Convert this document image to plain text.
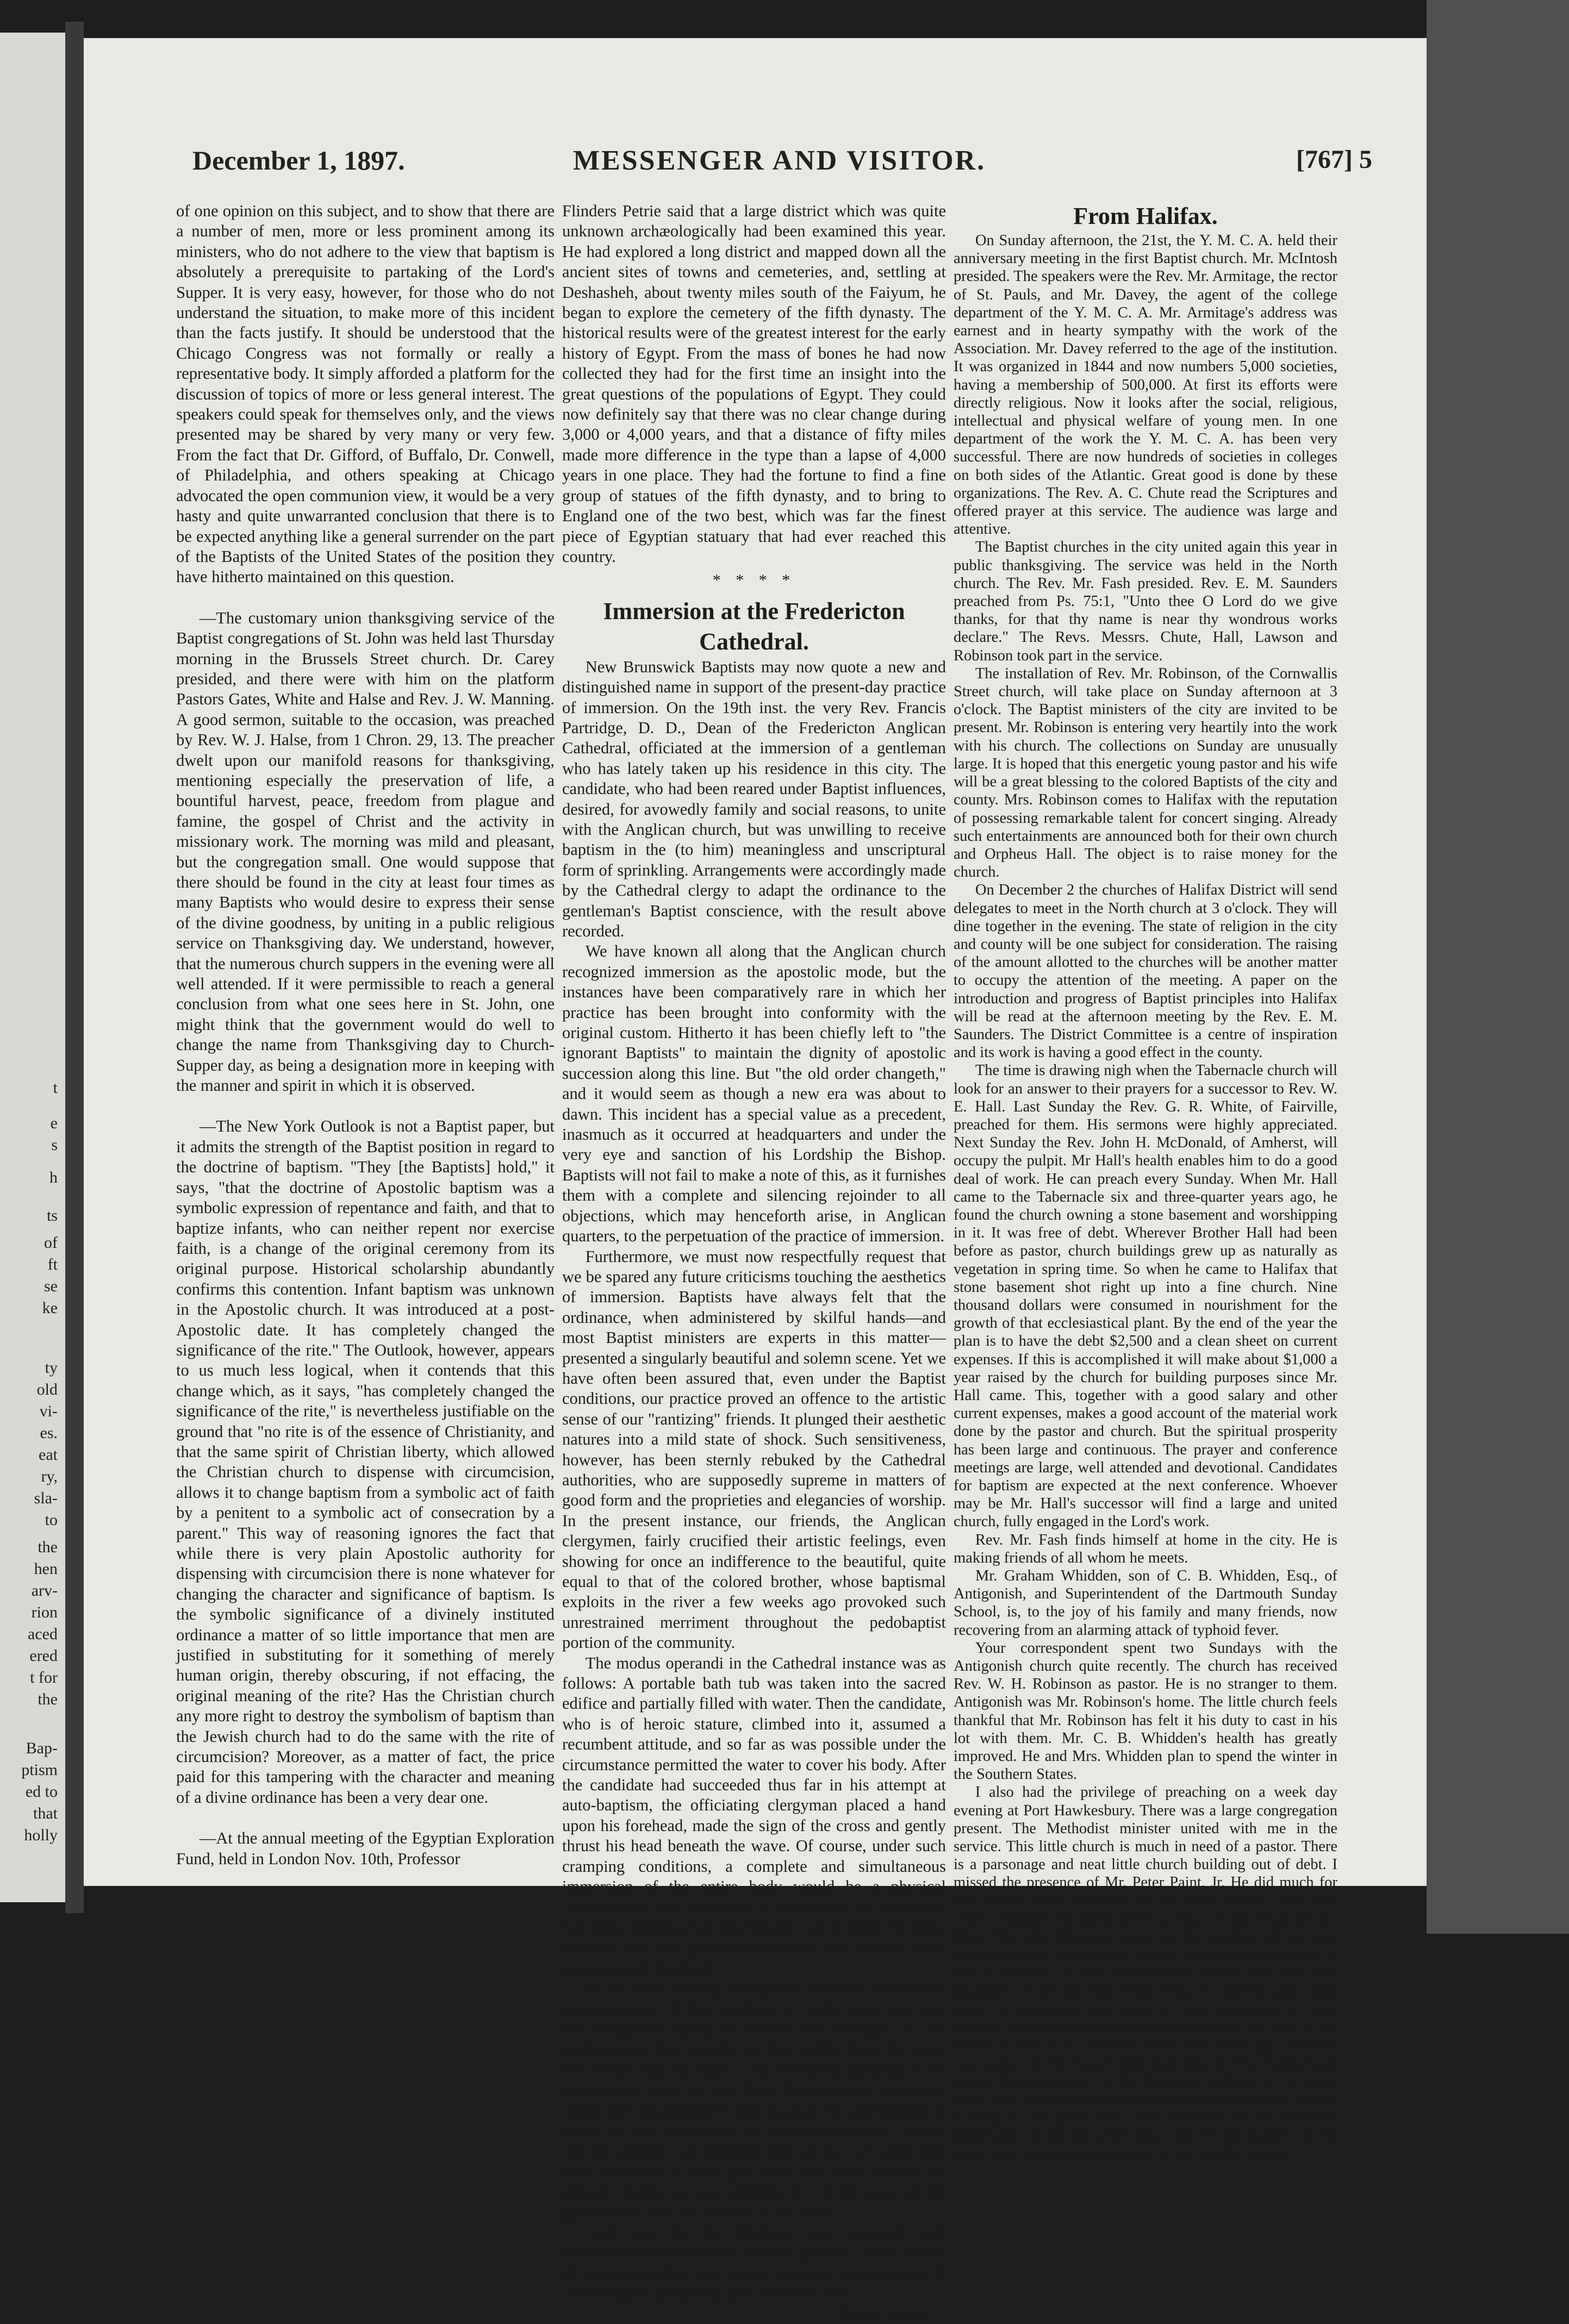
t
e
s
h
ts
of
ft
se
ke
ty
old
vi-
es.
eat
ry,
sla-
to
the
hen
arv-
rion
aced
ered
t for
the
Bap-
ptism
ed to
that
holly
December 1, 1897.	MESSENGER AND VISITOR.	[767] 5

of one opinion on this subject, and to show that there are a number of men, more or less prominent among its ministers, who do not adhere to the view that baptism is absolutely a prerequisite to partaking of the Lord's Supper. It is very easy, however, for those who do not understand the situation, to make more of this incident than the facts justify. It should be understood that the Chicago Congress was not formally or really a representative body. It simply afforded a platform for the discussion of topics of more or less general interest. The speakers could speak for themselves only, and the views presented may be shared by very many or very few. From the fact that Dr. Gifford, of Buffalo, Dr. Conwell, of Philadelphia, and others speaking at Chicago advocated the open communion view, it would be a very hasty and quite unwarranted conclusion that there is to be expected anything like a general surrender on the part of the Baptists of the United States of the position they have hitherto maintained on this question.

—The customary union thanksgiving service of the Baptist congregations of St. John was held last Thursday morning in the Brussels Street church. Dr. Carey presided, and there were with him on the platform Pastors Gates, White and Halse and Rev. J. W. Manning. A good sermon, suitable to the occasion, was preached by Rev. W. J. Halse, from 1 Chron. 29, 13. The preacher dwelt upon our manifold reasons for thanksgiving, mentioning especially the preservation of life, a bountiful harvest, peace, freedom from plague and famine, the gospel of Christ and the activity in missionary work. The morning was mild and pleasant, but the congregation small. One would suppose that there should be found in the city at least four times as many Baptists who would desire to express their sense of the divine goodness, by uniting in a public religious service on Thanksgiving day. We understand, however, that the numerous church suppers in the evening were all well attended. If it were permissible to reach a general conclusion from what one sees here in St. John, one might think that the government would do well to change the name from Thanksgiving day to Church-Supper day, as being a designation more in keeping with the manner and spirit in which it is observed.

—The New York Outlook is not a Baptist paper, but it admits the strength of the Baptist position in regard to the doctrine of baptism. "They [the Baptists] hold," it says, "that the doctrine of Apostolic baptism was a symbolic expression of repentance and faith, and that to baptize infants, who can neither repent nor exercise faith, is a change of the original ceremony from its original purpose. Historical scholarship abundantly confirms this contention. Infant baptism was unknown in the Apostolic church. It was introduced at a post-Apostolic date. It has completely changed the significance of the rite." The Outlook, however, appears to us much less logical, when it contends that this change which, as it says, "has completely changed the significance of the rite," is nevertheless justifiable on the ground that "no rite is of the essence of Christianity, and that the same spirit of Christian liberty, which allowed the Christian church to dispense with circumcision, allows it to change baptism from a symbolic act of faith by a penitent to a symbolic act of consecration by a parent." This way of reasoning ignores the fact that while there is very plain Apostolic authority for dispensing with circumcision there is none whatever for changing the character and significance of baptism. Is the symbolic significance of a divinely instituted ordinance a matter of so little importance that men are justified in substituting for it something of merely human origin, thereby obscuring, if not effacing, the original meaning of the rite? Has the Christian church any more right to destroy the symbolism of baptism than the Jewish church had to do the same with the rite of circumcision? Moreover, as a matter of fact, the price paid for this tampering with the character and meaning of a divine ordinance has been a very dear one.

—At the annual meeting of the Egyptian Exploration Fund, held in London Nov. 10th, Professor

Flinders Petrie said that a large district which was quite unknown archæologically had been examined this year. He had explored a long district and mapped down all the ancient sites of towns and cemeteries, and, settling at Deshasheh, about twenty miles south of the Faiyum, he began to explore the cemetery of the fifth dynasty. The historical results were of the greatest interest for the early history of Egypt. From the mass of bones he had now collected they had for the first time an insight into the great questions of the populations of Egypt. They could now definitely say that there was no clear change during 3,000 or 4,000 years, and that a distance of fifty miles made more difference in the type than a lapse of 4,000 years in one place. They had the fortune to find a fine group of statues of the fifth dynasty, and to bring to England one of the two best, which was far the finest piece of Egyptian statuary that had ever reached this country.

* * * *
Immersion at the Fredericton Cathedral.

New Brunswick Baptists may now quote a new and distinguished name in support of the present-day practice of immersion. On the 19th inst. the very Rev. Francis Partridge, D. D., Dean of the Fredericton Anglican Cathedral, officiated at the immersion of a gentleman who has lately taken up his residence in this city. The candidate, who had been reared under Baptist influences, desired, for avowedly family and social reasons, to unite with the Anglican church, but was unwilling to receive baptism in the (to him) meaningless and unscriptural form of sprinkling. Arrangements were accordingly made by the Cathedral clergy to adapt the ordinance to the gentleman's Baptist conscience, with the result above recorded.

We have known all along that the Anglican church recognized immersion as the apostolic mode, but the instances have been comparatively rare in which her practice has been brought into conformity with the original custom. Hitherto it has been chiefly left to "the ignorant Baptists" to maintain the dignity of apostolic succession along this line. But "the old order changeth," and it would seem as though a new era was about to dawn. This incident has a special value as a precedent, inasmuch as it occurred at headquarters and under the very eye and sanction of his Lordship the Bishop. Baptists will not fail to make a note of this, as it furnishes them with a complete and silencing rejoinder to all objections, which may henceforth arise, in Anglican quarters, to the perpetuation of the practice of immersion.

Furthermore, we must now respectfully request that we be spared any future criticisms touching the aesthetics of immersion. Baptists have always felt that the ordinance, when administered by skilful hands—and most Baptist ministers are experts in this matter—presented a singularly beautiful and solemn scene. Yet we have often been assured that, even under the Baptist conditions, our practice proved an offence to the artistic sense of our "rantizing" friends. It plunged their aesthetic natures into a mild state of shock. Such sensitiveness, however, has been sternly rebuked by the Cathedral authorities, who are supposedly supreme in matters of good form and the proprieties and elegancies of worship. In the present instance, our friends, the Anglican clergymen, fairly crucified their artistic feelings, even showing for once an indifference to the beautiful, quite equal to that of the colored brother, whose baptismal exploits in the river a few weeks ago provoked such unrestrained merriment throughout the pedobaptist portion of the community.

The modus operandi in the Cathedral instance was as follows: A portable bath tub was taken into the sacred edifice and partially filled with water. Then the candidate, who is of heroic stature, climbed into it, assumed a recumbent attitude, and so far as was possible under the circumstance permitted the water to cover his body. After the candidate had succeeded thus far in his attempt at auto-baptism, the officiating clergyman placed a hand upon his forehead, made the sign of the cross and gently thrust his head beneath the wave. Of course, under such cramping conditions, a complete and simultaneous immersion of the entire body would be a physical impossibility; but inasmuch as the feet of the candidate had been immersed on entering the tub, it might be fairly claimed that the gentleman had by this process been progressively baptized.

If one were writing in captious criticism rather than commendation of this incident he might point out how the clergyman failed to follow the example of his predecessors, the apostles, in that unlike them, he went not "down into the water," but remained standing in his white robes upon the dry floor. But it will be seen that, taking the circumstances into account, he approached as nearly as was practicable the apostolic practice. At any rate the attempt was laudable and we must all agree that such exertions as were put forth and such sacrifice of priestly dignity as was suffered, all for the good of the gentleman's soul, are worthy of all praise.

And now that the Baptists have received such authoritative endorsement of their practice in the matter of immersion, they may expect to enjoy a long season of uninterrupted prosperity and unbroken rest.

Haereticus.

From Halifax.

On Sunday afternoon, the 21st, the Y. M. C. A. held their anniversary meeting in the first Baptist church. Mr. McIntosh presided. The speakers were the Rev. Mr. Armitage, the rector of St. Pauls, and Mr. Davey, the agent of the college department of the Y. M. C. A. Mr. Armitage's address was earnest and in hearty sympathy with the work of the Association. Mr. Davey referred to the age of the institution. It was organized in 1844 and now numbers 5,000 societies, having a membership of 500,000. At first its efforts were directly religious. Now it looks after the social, religious, intellectual and physical welfare of young men. In one department of the work the Y. M. C. A. has been very successful. There are now hundreds of societies in colleges on both sides of the Atlantic. Great good is done by these organizations. The Rev. A. C. Chute read the Scriptures and offered prayer at this service. The audience was large and attentive.

The Baptist churches in the city united again this year in public thanksgiving. The service was held in the North church. The Rev. Mr. Fash presided. Rev. E. M. Saunders preached from Ps. 75:1, "Unto thee O Lord do we give thanks, for that thy name is near thy wondrous works declare." The Revs. Messrs. Chute, Hall, Lawson and Robinson took part in the service.

The installation of Rev. Mr. Robinson, of the Cornwallis Street church, will take place on Sunday afternoon at 3 o'clock. The Baptist ministers of the city are invited to be present. Mr. Robinson is entering very heartily into the work with his church. The collections on Sunday are unusually large. It is hoped that this energetic young pastor and his wife will be a great blessing to the colored Baptists of the city and county. Mrs. Robinson comes to Halifax with the reputation of possessing remarkable talent for concert singing. Already such entertainments are announced both for their own church and Orpheus Hall. The object is to raise money for the church.

On December 2 the churches of Halifax District will send delegates to meet in the North church at 3 o'clock. They will dine together in the evening. The state of religion in the city and county will be one subject for consideration. The raising of the amount allotted to the churches will be another matter to occupy the attention of the meeting. A paper on the introduction and progress of Baptist principles into Halifax will be read at the afternoon meeting by the Rev. E. M. Saunders. The District Committee is a centre of inspiration and its work is having a good effect in the county.

The time is drawing nigh when the Tabernacle church will look for an answer to their prayers for a successor to Rev. W. E. Hall. Last Sunday the Rev. G. R. White, of Fairville, preached for them. His sermons were highly appreciated. Next Sunday the Rev. John H. McDonald, of Amherst, will occupy the pulpit. Mr Hall's health enables him to do a good deal of work. He can preach every Sunday. When Mr. Hall came to the Tabernacle six and three-quarter years ago, he found the church owning a stone basement and worshipping in it. It was free of debt. Wherever Brother Hall had been before as pastor, church buildings grew up as naturally as vegetation in spring time. So when he came to Halifax that stone basement shot right up into a fine church. Nine thousand dollars were consumed in nourishment for the growth of that ecclesiastical plant. By the end of the year the plan is to have the debt $2,500 and a clean sheet on current expenses. If this is accomplished it will make about $1,000 a year raised by the church for building purposes since Mr. Hall came. This, together with a good salary and other current expenses, makes a good account of the material work done by the pastor and church. But the spiritual prosperity has been large and continuous. The prayer and conference meetings are large, well attended and devotional. Candidates for baptism are expected at the next conference. Whoever may be Mr. Hall's successor will find a large and united church, fully engaged in the Lord's work.

Rev. Mr. Fash finds himself at home in the city. He is making friends of all whom he meets.

Mr. Graham Whidden, son of C. B. Whidden, Esq., of Antigonish, and Superintendent of the Dartmouth Sunday School, is, to the joy of his family and many friends, now recovering from an alarming attack of typhoid fever.

Your correspondent spent two Sundays with the Antigonish church quite recently. The church has received Rev. W. H. Robinson as pastor. He is no stranger to them. Antigonish was Mr. Robinson's home. The little church feels thankful that Mr. Robinson has felt it his duty to cast in his lot with them. Mr. C. B. Whidden's health has greatly improved. He and Mrs. Whidden plan to spend the winter in the Southern States.

I also had the privilege of preaching on a week day evening at Port Hawkesbury. There was a large congregation present. The Methodist minister united with me in the service. This little church is much in need of a pastor. There is a parsonage and neat little church building out of debt. I missed the presence of Mr. Peter Paint, Jr. He did much for this church while he lived. His excellent widow, niece and sister continue the good work so dear to the heart of Mr. Paint. Mr. John McLane, loved by the members of the First Halifax church, of which he was for a long time a member, is now a member of Port Hawkesbury church. The sons and daughters of the late Peter Paint, Esq., Sr., and his wife stand ready to perpetuate the work so long sustained by their beloved parents. Port Hawkesbury church was the fruit of the labors of Rev. W. C. Rideout, about fifty years ago, when he was pastor of the Lower Aylesford church. The Paints have borne the greater part of the financial burdens for all these years. The Lord has prospered them and they are still willing to help on the good cause. The place has felt the financial depression of the few years past. The H. M. Board will no doubt give temporary assistance to this worthy church.
